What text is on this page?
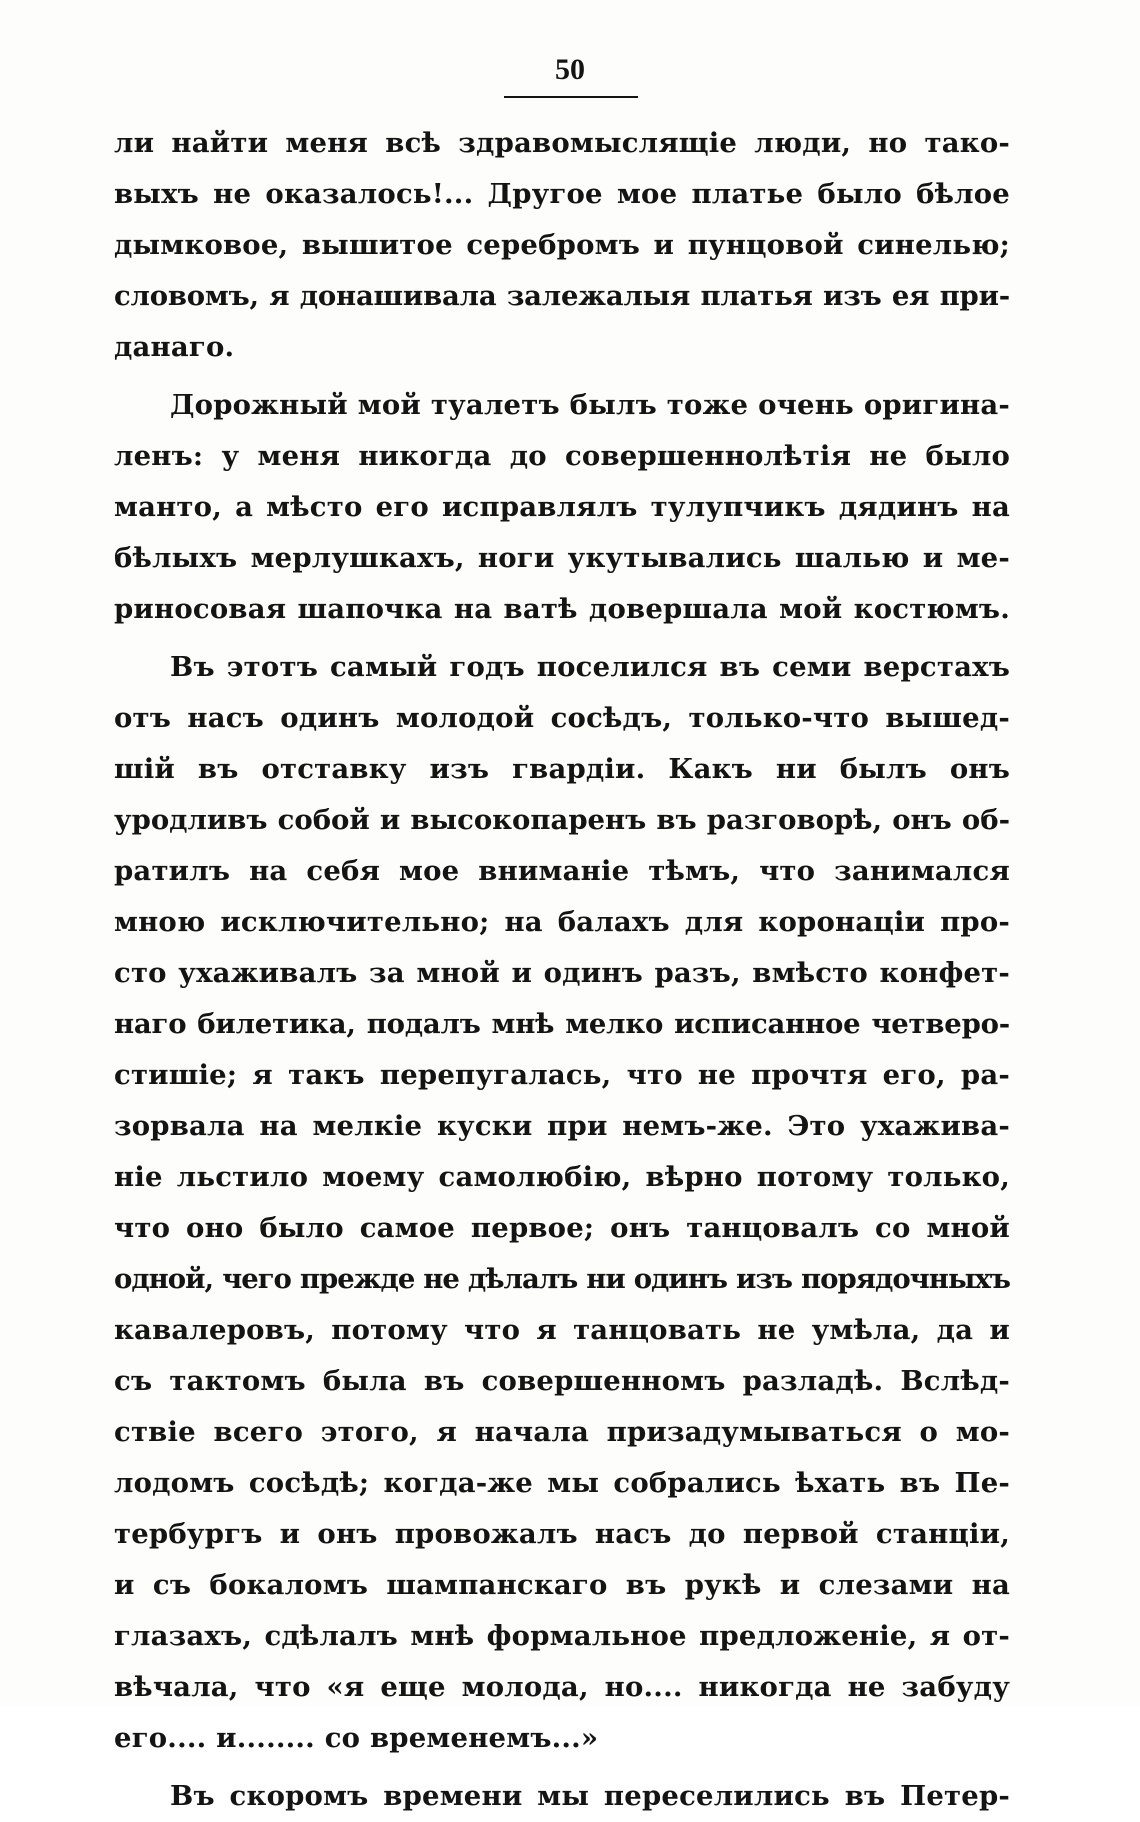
50
ли найти меня всѣ здравомыслящіе люди, но тако-
выхъ не оказалось!... Другое мое платье было бѣлое
дымковое, вышитое серебромъ и пунцовой синелью;
словомъ, я донашивала залежалыя платья изъ ея при-
данаго.
Дорожный мой туалетъ былъ тоже очень оригина-
ленъ: у меня никогда до совершеннолѣтія не было
манто, а мѣсто его исправлялъ тулупчикъ дядинъ на
бѣлыхъ мерлушкахъ, ноги укутывались шалью и ме-
риносовая шапочка на ватѣ довершала мой костюмъ.
Въ этотъ самый годъ поселился въ семи верстахъ
отъ насъ одинъ молодой сосѣдъ, только-что вышед-
шій въ отставку изъ гвардіи. Какъ ни былъ онъ
уродливъ собой и высокопаренъ въ разговорѣ, онъ об-
ратилъ на себя мое вниманіе тѣмъ, что занимался
мною исключительно; на балахъ для коронаціи про-
сто ухаживалъ за мной и одинъ разъ, вмѣсто конфет-
наго билетика, подалъ мнѣ мелко исписанное четверо-
стишіе; я такъ перепугалась, что не прочтя его, ра-
зорвала на мелкіе куски при немъ-же. Это ухажива-
ніе льстило моему самолюбію, вѣрно потому только,
что оно было самое первое; онъ танцовалъ со мной
одной, чего прежде не дѣлалъ ни одинъ изъ порядочныхъ
кавалеровъ, потому что я танцовать не умѣла, да и
съ тактомъ была въ совершенномъ разладѣ. Вслѣд-
ствіе всего этого, я начала призадумываться о мо-
лодомъ сосѣдѣ; когда-же мы собрались ѣхать въ Пе-
тербургъ и онъ провожалъ насъ до первой станціи,
и съ бокаломъ шампанскаго въ рукѣ и слезами на
глазахъ, сдѣлалъ мнѣ формальное предложеніе, я от-
вѣчала, что «я еще молода, но.... никогда не забуду
его.... и........ со временемъ...»
Въ скоромъ времени мы переселились въ Петер-
